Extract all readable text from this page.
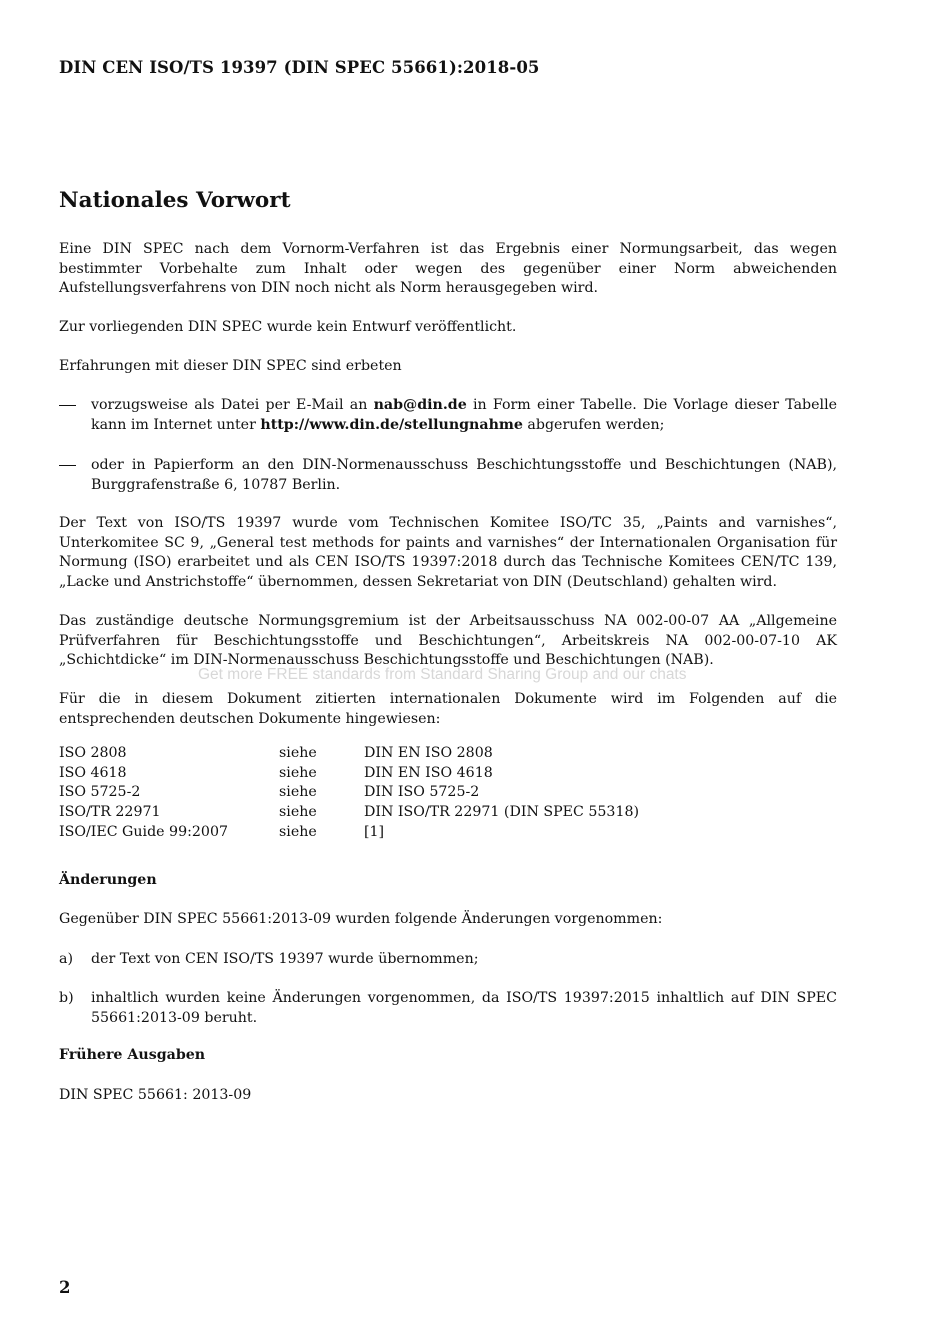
DIN CEN ISO/TS 19397 (DIN SPEC 55661):2018-05
Nationales Vorwort
Eine DIN SPEC nach dem Vornorm-Verfahren ist das Ergebnis einer Normungsarbeit, das wegen bestimmter Vorbehalte zum Inhalt oder wegen des gegenüber einer Norm abweichenden Aufstellungsverfahrens von DIN noch nicht als Norm herausgegeben wird.
Zur vorliegenden DIN SPEC wurde kein Entwurf veröffentlicht.
Erfahrungen mit dieser DIN SPEC sind erbeten
vorzugsweise als Datei per E-Mail an nab@din.de in Form einer Tabelle. Die Vorlage dieser Tabelle kann im Internet unter http://www.din.de/stellungnahme abgerufen werden;
oder in Papierform an den DIN-Normenausschuss Beschichtungsstoffe und Beschichtungen (NAB), Burggrafenstraße 6, 10787 Berlin.
Der Text von ISO/TS 19397 wurde vom Technischen Komitee ISO/TC 35, „Paints and varnishes“, Unterkomitee SC 9, „General test methods for paints and varnishes“ der Internationalen Organisation für Normung (ISO) erarbeitet und als CEN ISO/TS 19397:2018 durch das Technische Komitees CEN/TC 139, „Lacke und Anstrichstoffe“ übernommen, dessen Sekretariat von DIN (Deutschland) gehalten wird.
Das zuständige deutsche Normungsgremium ist der Arbeitsausschuss NA 002-00-07 AA „Allgemeine Prüfverfahren für Beschichtungsstoffe und Beschichtungen“, Arbeitskreis NA 002-00-07-10 AK „Schichtdicke“ im DIN-Normenausschuss Beschichtungsstoffe und Beschichtungen (NAB).
Get more FREE standards from Standard Sharing Group and our chats
Für die in diesem Dokument zitierten internationalen Dokumente wird im Folgenden auf die entsprechenden deutschen Dokumente hingewiesen:
ISO 2808	siehe	DIN EN ISO 2808
ISO 4618	siehe	DIN EN ISO 4618
ISO 5725-2	siehe	DIN ISO 5725-2
ISO/TR 22971	siehe	DIN ISO/TR 22971 (DIN SPEC 55318)
ISO/IEC Guide 99:2007	siehe	[1]
Änderungen
Gegenüber DIN SPEC 55661:2013-09 wurden folgende Änderungen vorgenommen:
a) der Text von CEN ISO/TS 19397 wurde übernommen;
b) inhaltlich wurden keine Änderungen vorgenommen, da ISO/TS 19397:2015 inhaltlich auf DIN SPEC 55661:2013-09 beruht.
Frühere Ausgaben
DIN SPEC 55661: 2013-09
2
